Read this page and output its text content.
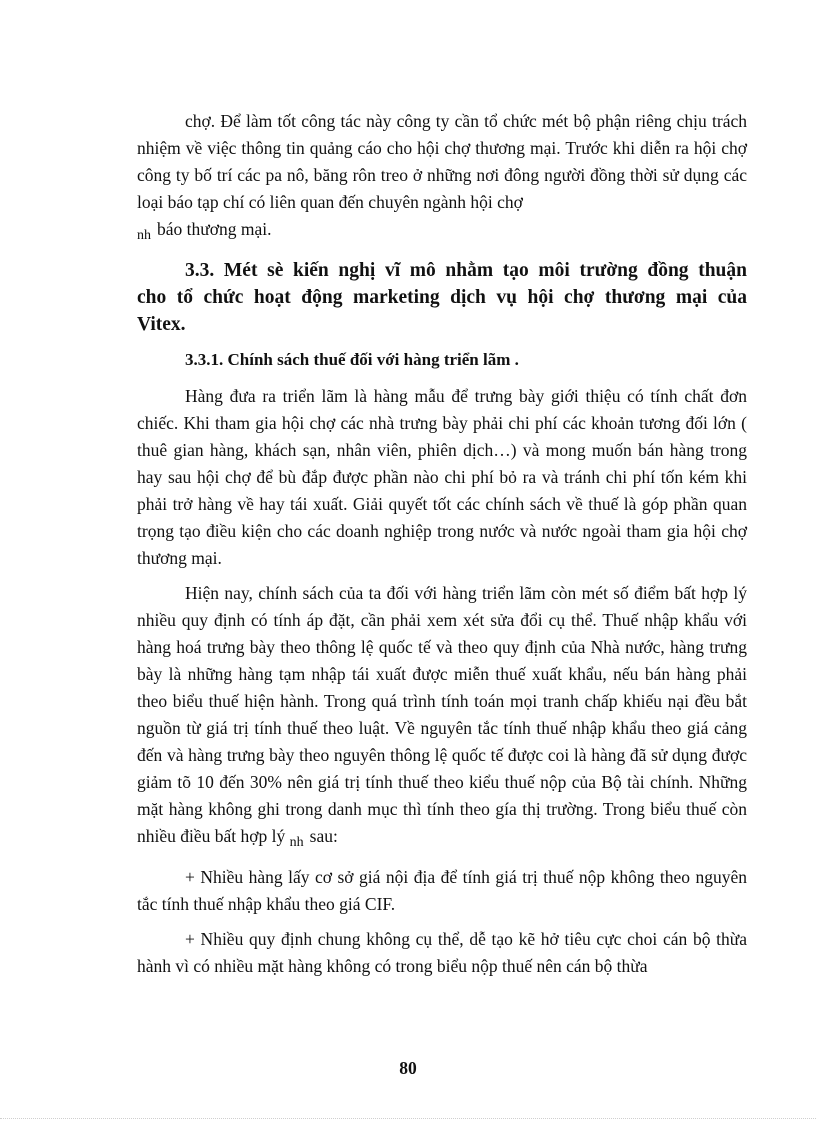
chợ. Để làm tốt công tác này công ty cần tổ chức mét bộ phận riêng chịu trách nhiệm về việc thông tin quảng cáo cho hội chợ thương mại. Trước khi diễn ra hội chợ công ty bố trí các pa nô, băng rôn treo ở những nơi đông người đồng thời sử dụng các loại báo tạp chí có liên quan đến chuyên ngành hội chợ
$_{nh}$ báo thương mại.

3.3. Mét sè kiến nghị vĩ mô nhằm tạo môi trường đồng thuận cho tổ chức hoạt động marketing dịch vụ hội chợ thương mại của Vitex.

3.3.1. Chính sách thuế đối với hàng triển lãm .

Hàng đưa ra triển lãm là hàng mẫu để trưng bày giới thiệu có tính chất đơn chiếc. Khi tham gia hội chợ các nhà trưng bày phải chi phí các khoản tương đối lớn ( thuê gian hàng, khách sạn, nhân viên, phiên dịch…) và mong muốn bán hàng trong hay sau hội chợ để bù đắp được phần nào chi phí bỏ ra và tránh chi phí tốn kém khi phải trở hàng về hay tái xuất. Giải quyết tốt các chính sách về thuế là góp phần quan trọng tạo điều kiện cho các doanh nghiệp trong nước và nước ngoài tham gia hội chợ thương mại.

Hiện nay, chính sách của ta đối với hàng triển lãm còn mét số điểm bất hợp lý nhiều quy định có tính áp đặt, cần phải xem xét sửa đổi cụ thể. Thuế nhập khẩu với hàng hoá trưng bày theo thông lệ quốc tế và theo quy định của Nhà nước, hàng trưng bày là những hàng tạm nhập tái xuất được miễn thuế xuất khẩu, nếu bán hàng phải theo biểu thuế hiện hành. Trong quá trình tính toán mọi tranh chấp khiếu nại đều bắt nguồn từ giá trị tính thuế theo luật. Về nguyên tắc tính thuế nhập khẩu theo giá cảng đến và hàng trưng bày theo nguyên thông lệ quốc tế được coi là hàng đã sử dụng được giảm tõ 10 đến 30% nên giá trị tính thuế theo kiểu thuế nộp của Bộ tài chính. Những mặt hàng không ghi trong danh mục thì tính theo gía thị trường. Trong biểu thuế còn nhiều điều bất hợp lý $_{nh}$ sau:

+ Nhiều hàng lấy cơ sở giá nội địa để tính giá trị thuế nộp không theo nguyên tắc tính thuế nhập khẩu theo giá CIF.

+ Nhiều quy định chung không cụ thể, dễ tạo kẽ hở tiêu cực choi cán bộ thừa hành vì có nhiều mặt hàng không có trong biểu nộp thuế nên cán bộ thừa

80
